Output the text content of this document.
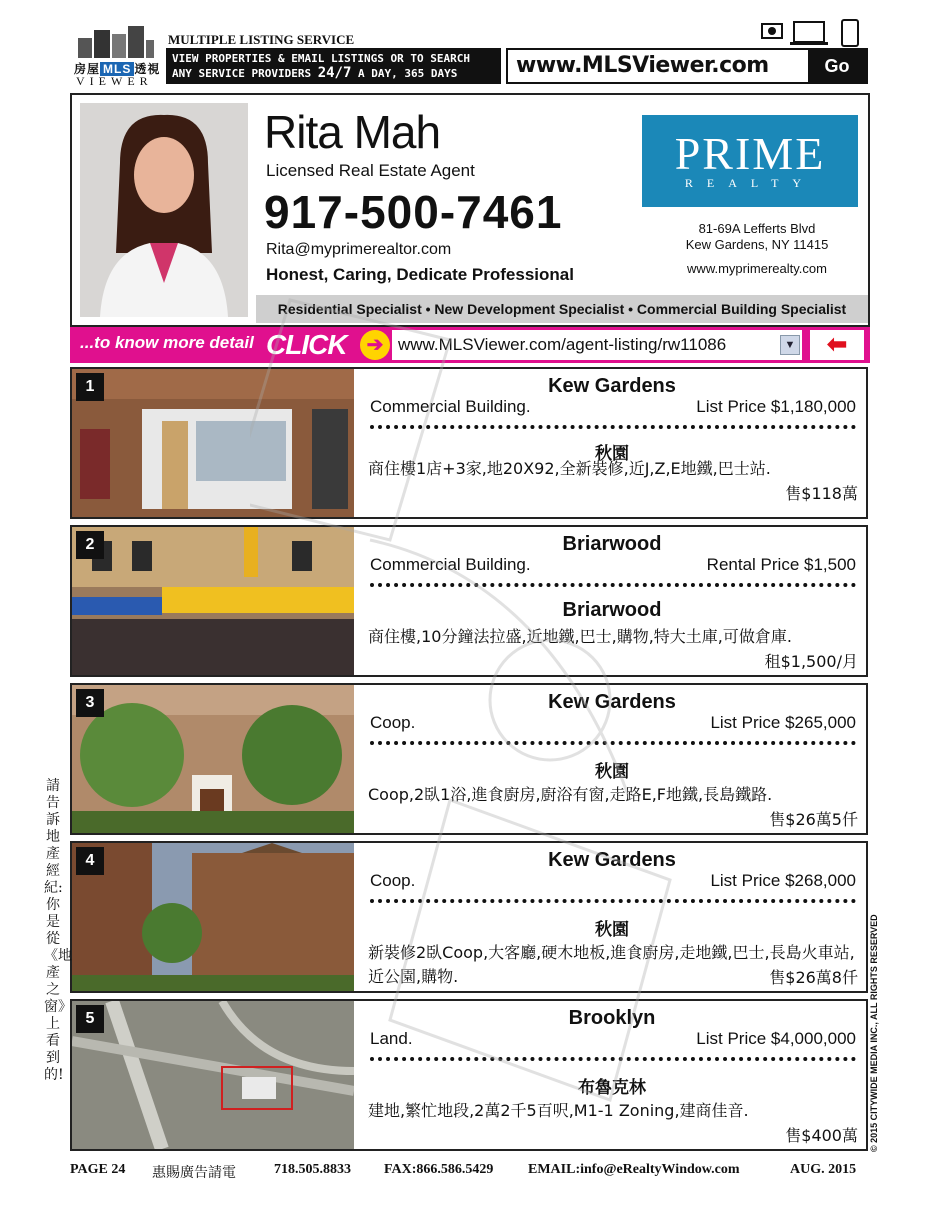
房屋 MLS 透視
VIEWER
MULTIPLE LISTING SERVICE
VIEW PROPERTIES & EMAIL LISTINGS OR TO SEARCH
ANY SERVICE PROVIDERS 24/7 A DAY, 365 DAYS	www.MLSViewer.com	Go
Rita Mah
Licensed Real Estate Agent
917-500-7461
Rita@myprimerealtor.com
Honest, Caring, Dedicate Professional
PRIME
REALTY
81-69A Lefferts Blvd
Kew Gardens, NY 11415
www.myprimerealty.com
Residential Specialist • New Development Specialist • Commercial Building Specialist
...to know more detail CLICK	➔ www.MLSViewer.com/agent-listing/rw11086	▼	⬅
1	Kew Gardens
Commercial Building.	List Price $1,180,000
秋園
商住樓1店+3家,地20X92,全新裝修,近J,Z,E地鐵,巴士站.
售$118萬
2	Briarwood
Commercial Building.	Rental Price $1,500
Briarwood
商住樓,10分鐘法拉盛,近地鐵,巴士,購物,特大土庫,可做倉庫.
租$1,500/月
3	Kew Gardens
Coop.	List Price $265,000
秋園
Coop,2臥1浴,進食廚房,廚浴有窗,走路E,F地鐵,長島鐵路.
售$26萬5仟
4	Kew Gardens
Coop.	List Price $268,000
秋園
新裝修2臥Coop,大客廳,硬木地板,進食廚房,走地鐵,巴士,長島火車站,近公園,購物.	售$26萬8仟
5	Brooklyn
Land.	List Price $4,000,000
布魯克林
建地,繁忙地段,2萬2千5百呎,M1-1 Zoning,建商佳音.
售$400萬
請告訴地產經紀:你是從《地產之窗》上看到的!	© 2015 CITYWIDE MEDIA INC., ALL RIGHTS RESERVED
PAGE 24 惠賜廣告請電	718.505.8833 FAX:866.586.5429 EMAIL:info@eRealtyWindow.com	AUG. 2015
